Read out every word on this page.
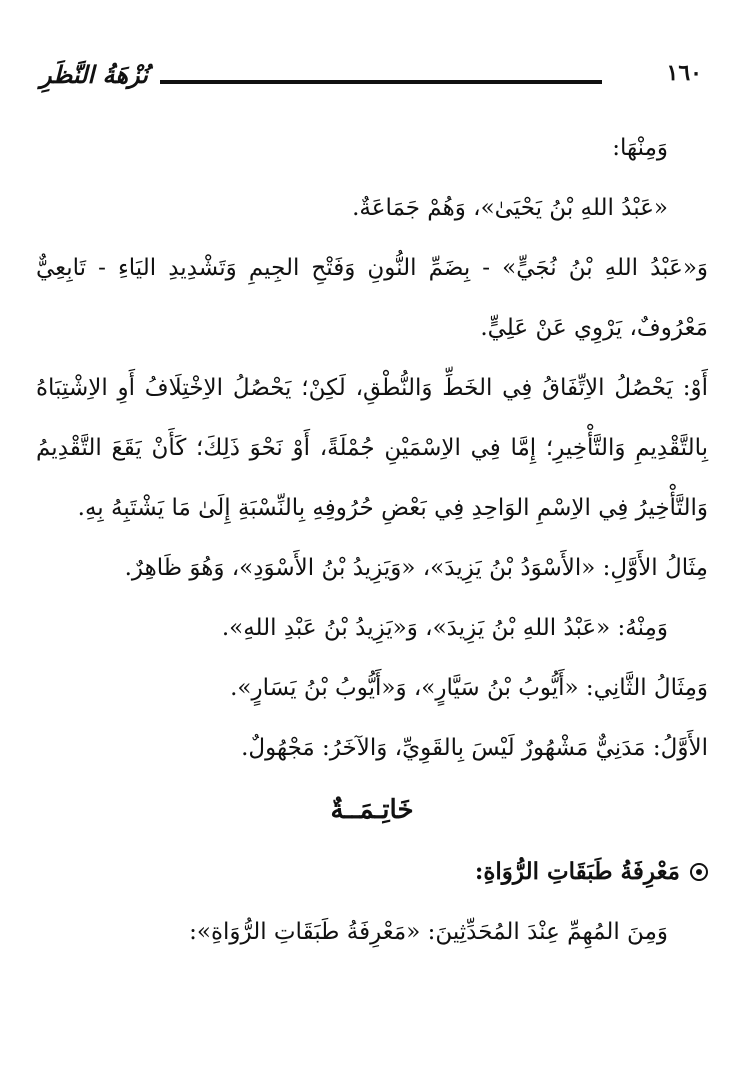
١٦٠
نُزْهَةُ النَّظَرِ

وَمِنْهَا:

«عَبْدُ اللهِ بْنُ يَحْيَىٰ»، وَهُمْ جَمَاعَةٌ.

وَ«عَبْدُ اللهِ بْنُ نُجَيٍّ» - بِضَمِّ النُّونِ وَفَتْحِ الجِيمِ وَتَشْدِيدِ اليَاءِ - تَابِعِيٌّ مَعْرُوفٌ، يَرْوِي عَنْ عَلِيٍّ.

أَوْ: يَحْصُلُ الاِتِّفَاقُ فِي الخَطِّ وَالنُّطْقِ، لَكِنْ؛ يَحْصُلُ الاِخْتِلَافُ أَوِ الاِشْتِبَاهُ بِالتَّقْدِيمِ وَالتَّأْخِيرِ؛ إِمَّا فِي الاِسْمَيْنِ جُمْلَةً، أَوْ نَحْوَ ذَلِكَ؛ كَأَنْ يَقَعَ التَّقْدِيمُ وَالتَّأْخِيرُ فِي الاِسْمِ الوَاحِدِ فِي بَعْضِ حُرُوفِهِ بِالنِّسْبَةِ إِلَىٰ مَا يَشْتَبِهُ بِهِ.

مِثَالُ الأَوَّلِ: «الأَسْوَدُ بْنُ يَزِيدَ»، «وَيَزِيدُ بْنُ الأَسْوَدِ»، وَهُوَ ظَاهِرٌ.

وَمِنْهُ: «عَبْدُ اللهِ بْنُ يَزِيدَ»، وَ«يَزِيدُ بْنُ عَبْدِ اللهِ».

وَمِثَالُ الثَّانِي: «أَيُّوبُ بْنُ سَيَّارٍ»، وَ«أَيُّوبُ بْنُ يَسَارٍ».

الأَوَّلُ: مَدَنِيٌّ مَشْهُورٌ لَيْسَ بِالقَوِيِّ، وَالآخَرُ: مَجْهُولٌ.

خَاتِـمَــةٌ

مَعْرِفَةُ طَبَقَاتِ الرُّوَاةِ:

وَمِنَ المُهِمِّ عِنْدَ المُحَدِّثِينَ: «مَعْرِفَةُ طَبَقَاتِ الرُّوَاةِ»:
